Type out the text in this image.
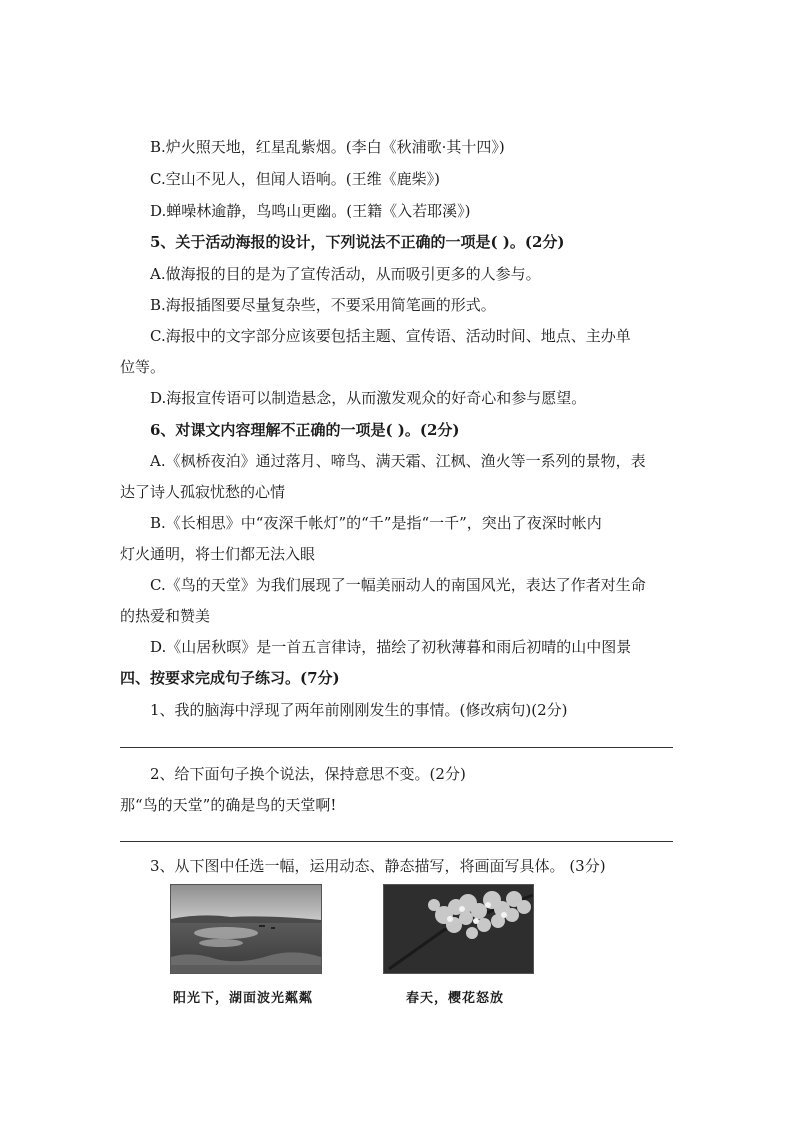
B.炉火照天地，红星乱紫烟。(李白《秋浦歌·其十四》)
C.空山不见人，但闻人语响。(王维《鹿柴》)
D.蝉噪林逾静，鸟鸣山更幽。(王籍《入若耶溪》)
5、关于活动海报的设计，下列说法不正确的一项是( )。(2分)
A.做海报的目的是为了宣传活动，从而吸引更多的人参与。
B.海报插图要尽量复杂些，不要采用简笔画的形式。
C.海报中的文字部分应该要包括主题、宣传语、活动时间、地点、主办单
位等。
D.海报宣传语可以制造悬念，从而激发观众的好奇心和参与愿望。
6、对课文内容理解不正确的一项是( )。(2分)
A.《枫桥夜泊》通过落月、啼鸟、满天霜、江枫、渔火等一系列的景物，表
达了诗人孤寂忧愁的心情
B.《长相思》中“夜深千帐灯”的“千”是指“一千”，突出了夜深时帐内
灯火通明，将士们都无法入眼
C.《鸟的天堂》为我们展现了一幅美丽动人的南国风光，表达了作者对生命
的热爱和赞美
D.《山居秋暝》是一首五言律诗，描绘了初秋薄暮和雨后初晴的山中图景
四、按要求完成句子练习。(7分)
1、我的脑海中浮现了两年前刚刚发生的事情。(修改病句)(2分)
2、给下面句子换个说法，保持意思不变。(2分)
那“鸟的天堂”的确是鸟的天堂啊!
3、从下图中任选一幅，运用动态、静态描写，将画面写具体。 (3分)
阳光下，湖面波光粼粼	春天，樱花怒放
